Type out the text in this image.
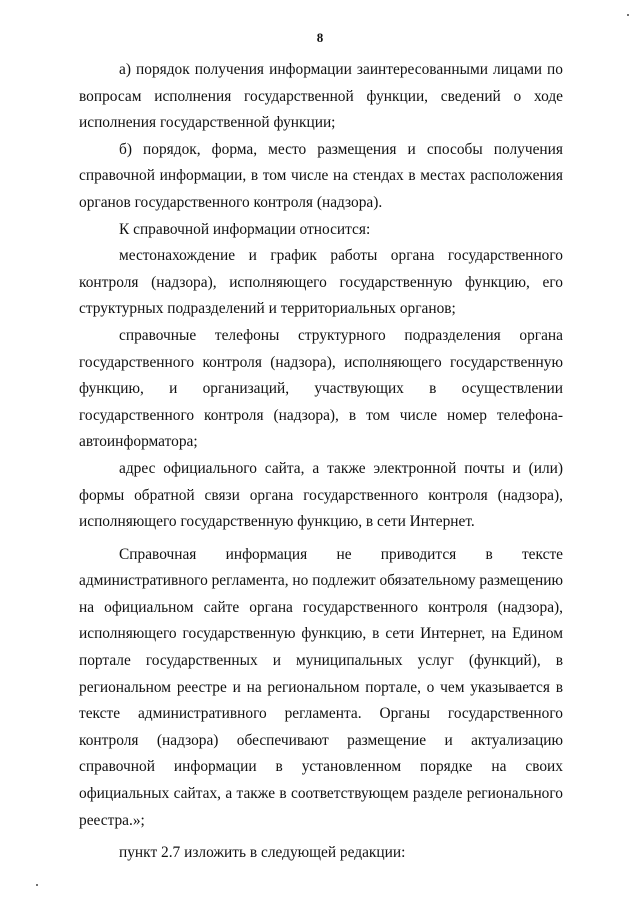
8

а) порядок получения информации заинтересованными лицами по вопросам исполнения государственной функции, сведений о ходе исполнения государственной функции;

б) порядок, форма, место размещения и способы получения справочной информации, в том числе на стендах в местах расположения органов государственного контроля (надзора).

К справочной информации относится:

местонахождение и график работы органа государственного контроля (надзора), исполняющего государственную функцию, его структурных подразделений и территориальных органов;

справочные телефоны структурного подразделения органа государственного контроля (надзора), исполняющего государственную функцию, и организаций, участвующих в осуществлении государственного контроля (надзора), в том числе номер телефона-автоинформатора;

адрес официального сайта, а также электронной почты и (или) формы обратной связи органа государственного контроля (надзора), исполняющего государственную функцию, в сети Интернет.

Справочная информация не приводится в тексте административного регламента, но подлежит обязательному размещению на официальном сайте органа государственного контроля (надзора), исполняющего государственную функцию, в сети Интернет, на Едином портале государственных и муниципальных услуг (функций), в региональном реестре и на региональном портале, о чем указывается в тексте административного регламента. Органы государственного контроля (надзора) обеспечивают размещение и актуализацию справочной информации в установленном порядке на своих официальных сайтах, а также в соответствующем разделе регионального реестра.»;

пункт 2.7 изложить в следующей редакции:
